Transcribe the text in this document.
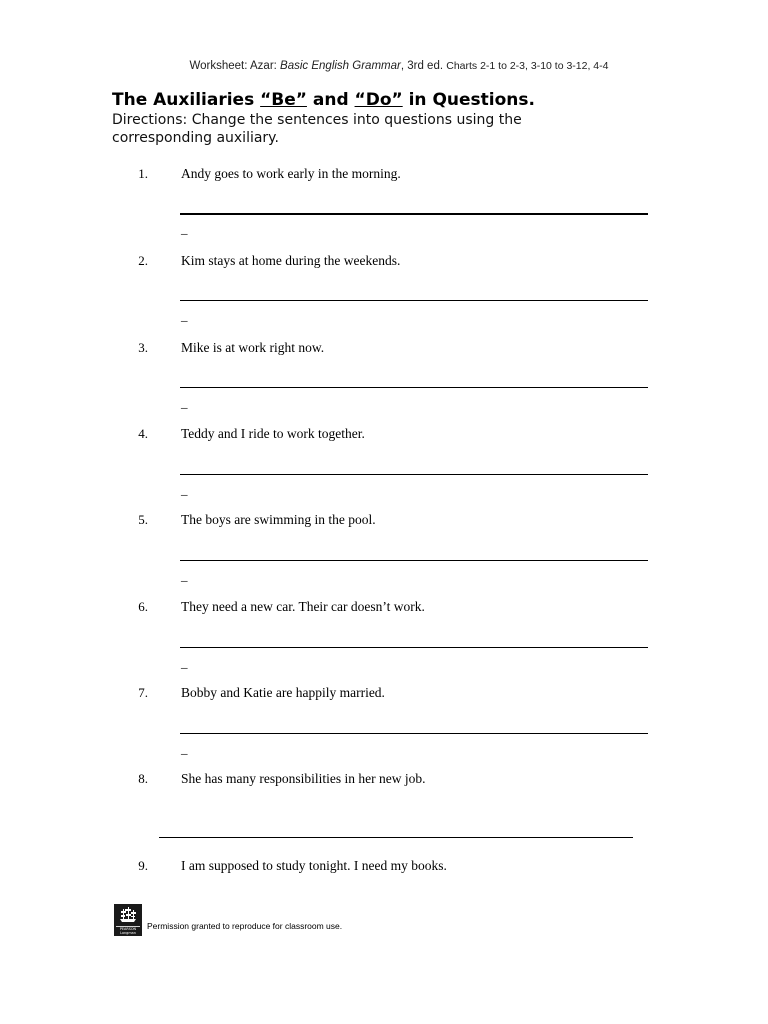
Worksheet: Azar: Basic English Grammar, 3rd ed. Charts 2-1 to 2-3, 3-10 to 3-12, 4-4
The Auxiliaries “Be” and “Do” in Questions.
Directions: Change the sentences into questions using the corresponding auxiliary.
1. Andy goes to work early in the morning.
_
2. Kim stays at home during the weekends.
_
3. Mike is at work right now.
_
4. Teddy and I ride to work together.
_
5. The boys are swimming in the pool.
_
6. They need a new car. Their car doesn’t work.
_
7. Bobby and Katie are happily married.
_
8. She has many responsibilities in her new job.
9. I am supposed to study tonight. I need my books.
PEARSON Longman
Permission granted to reproduce for classroom use.
